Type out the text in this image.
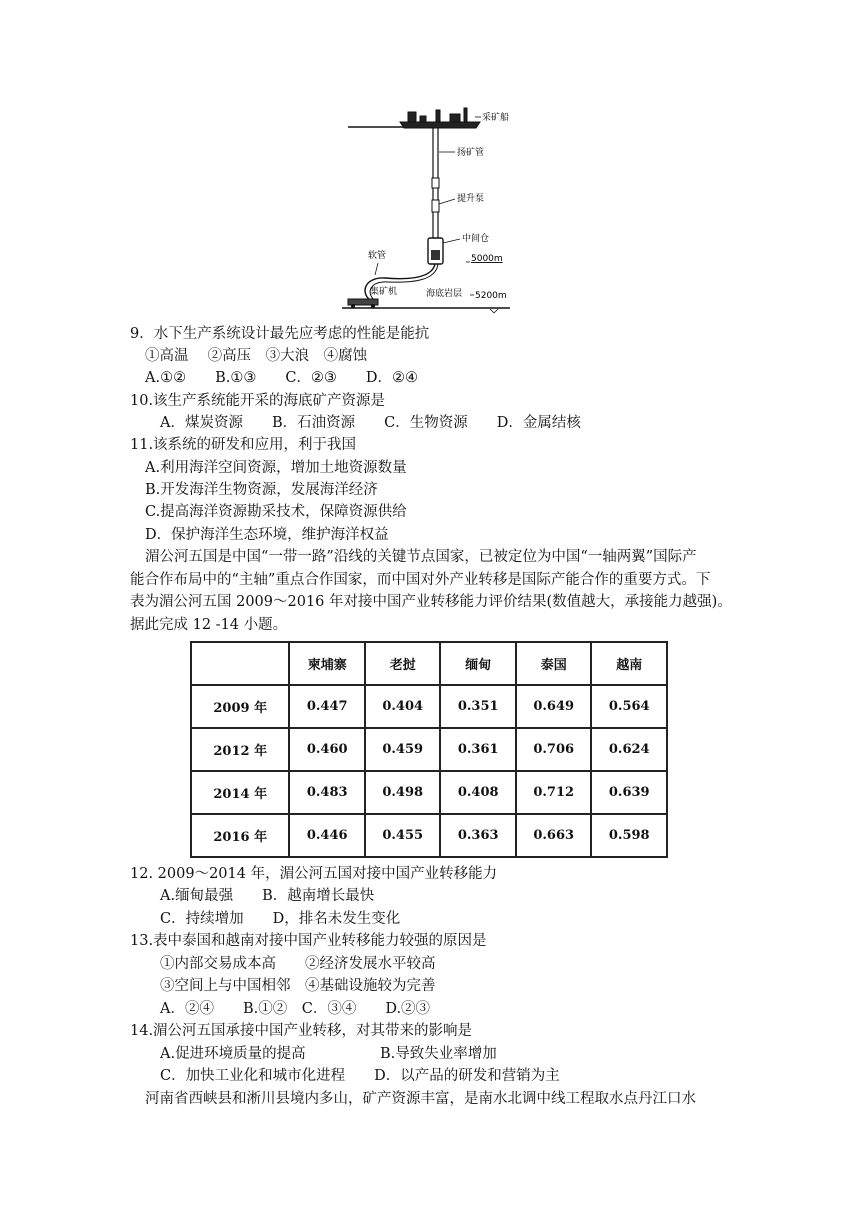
采矿船
扬矿管
提升泵
中间仓
5000m
软管
集矿机	海底岩层 5200m
9．水下生产系统设计最先应考虑的性能是能抗
①高温　 ②高压　③大浪　④腐蚀
A.①②　　B.①③　　C．②③　　D．②④
10.该生产系统能开采的海底矿产资源是
A．煤炭资源　　B．石油资源　　C．生物资源　　D．金属结核
11.该系统的研发和应用，利于我国
A.利用海洋空间资源，增加土地资源数量
B.开发海洋生物资源，发展海洋经济
C.提高海洋资源勘采技术，保障资源供给
D．保护海洋生态环境，维护海洋权益
湄公河五国是中国“一带一路”沿线的关键节点国家，已被定位为中国“一轴两翼”国际产
能合作布局中的“主轴”重点合作国家，而中国对外产业转移是国际产能合作的重要方式。下
表为湄公河五国 2009～2016 年对接中国产业转移能力评价结果(数值越大，承接能力越强)。
据此完成 12 -14 小题。
	柬埔寨	老挝	缅甸	泰国	越南
2009 年	0.447	0.404	0.351	0.649	0.564
2012 年	0.460	0.459	0.361	0.706	0.624
2014 年	0.483	0.498	0.408	0.712	0.639
2016 年	0.446	0.455	0.363	0.663	0.598
12. 2009～2014 年，湄公河五国对接中国产业转移能力
A.缅甸最强　　B．越南增长最快
C．持续增加　　D，排名未发生变化
13.表中泰国和越南对接中国产业转移能力较强的原因是
①内部交易成本高　　②经济发展水平较高
③空间上与中国相邻　④基础设施较为完善
A．②④　　B.①②　C．③④　　D.②③
14.湄公河五国承接中国产业转移，对其带来的影响是
A.促进环境质量的提高	B.导致失业率增加
C．加快工业化和城市化进程　　D．以产品的研发和营销为主
河南省西峡县和淅川县境内多山，矿产资源丰富，是南水北调中线工程取水点丹江口水
